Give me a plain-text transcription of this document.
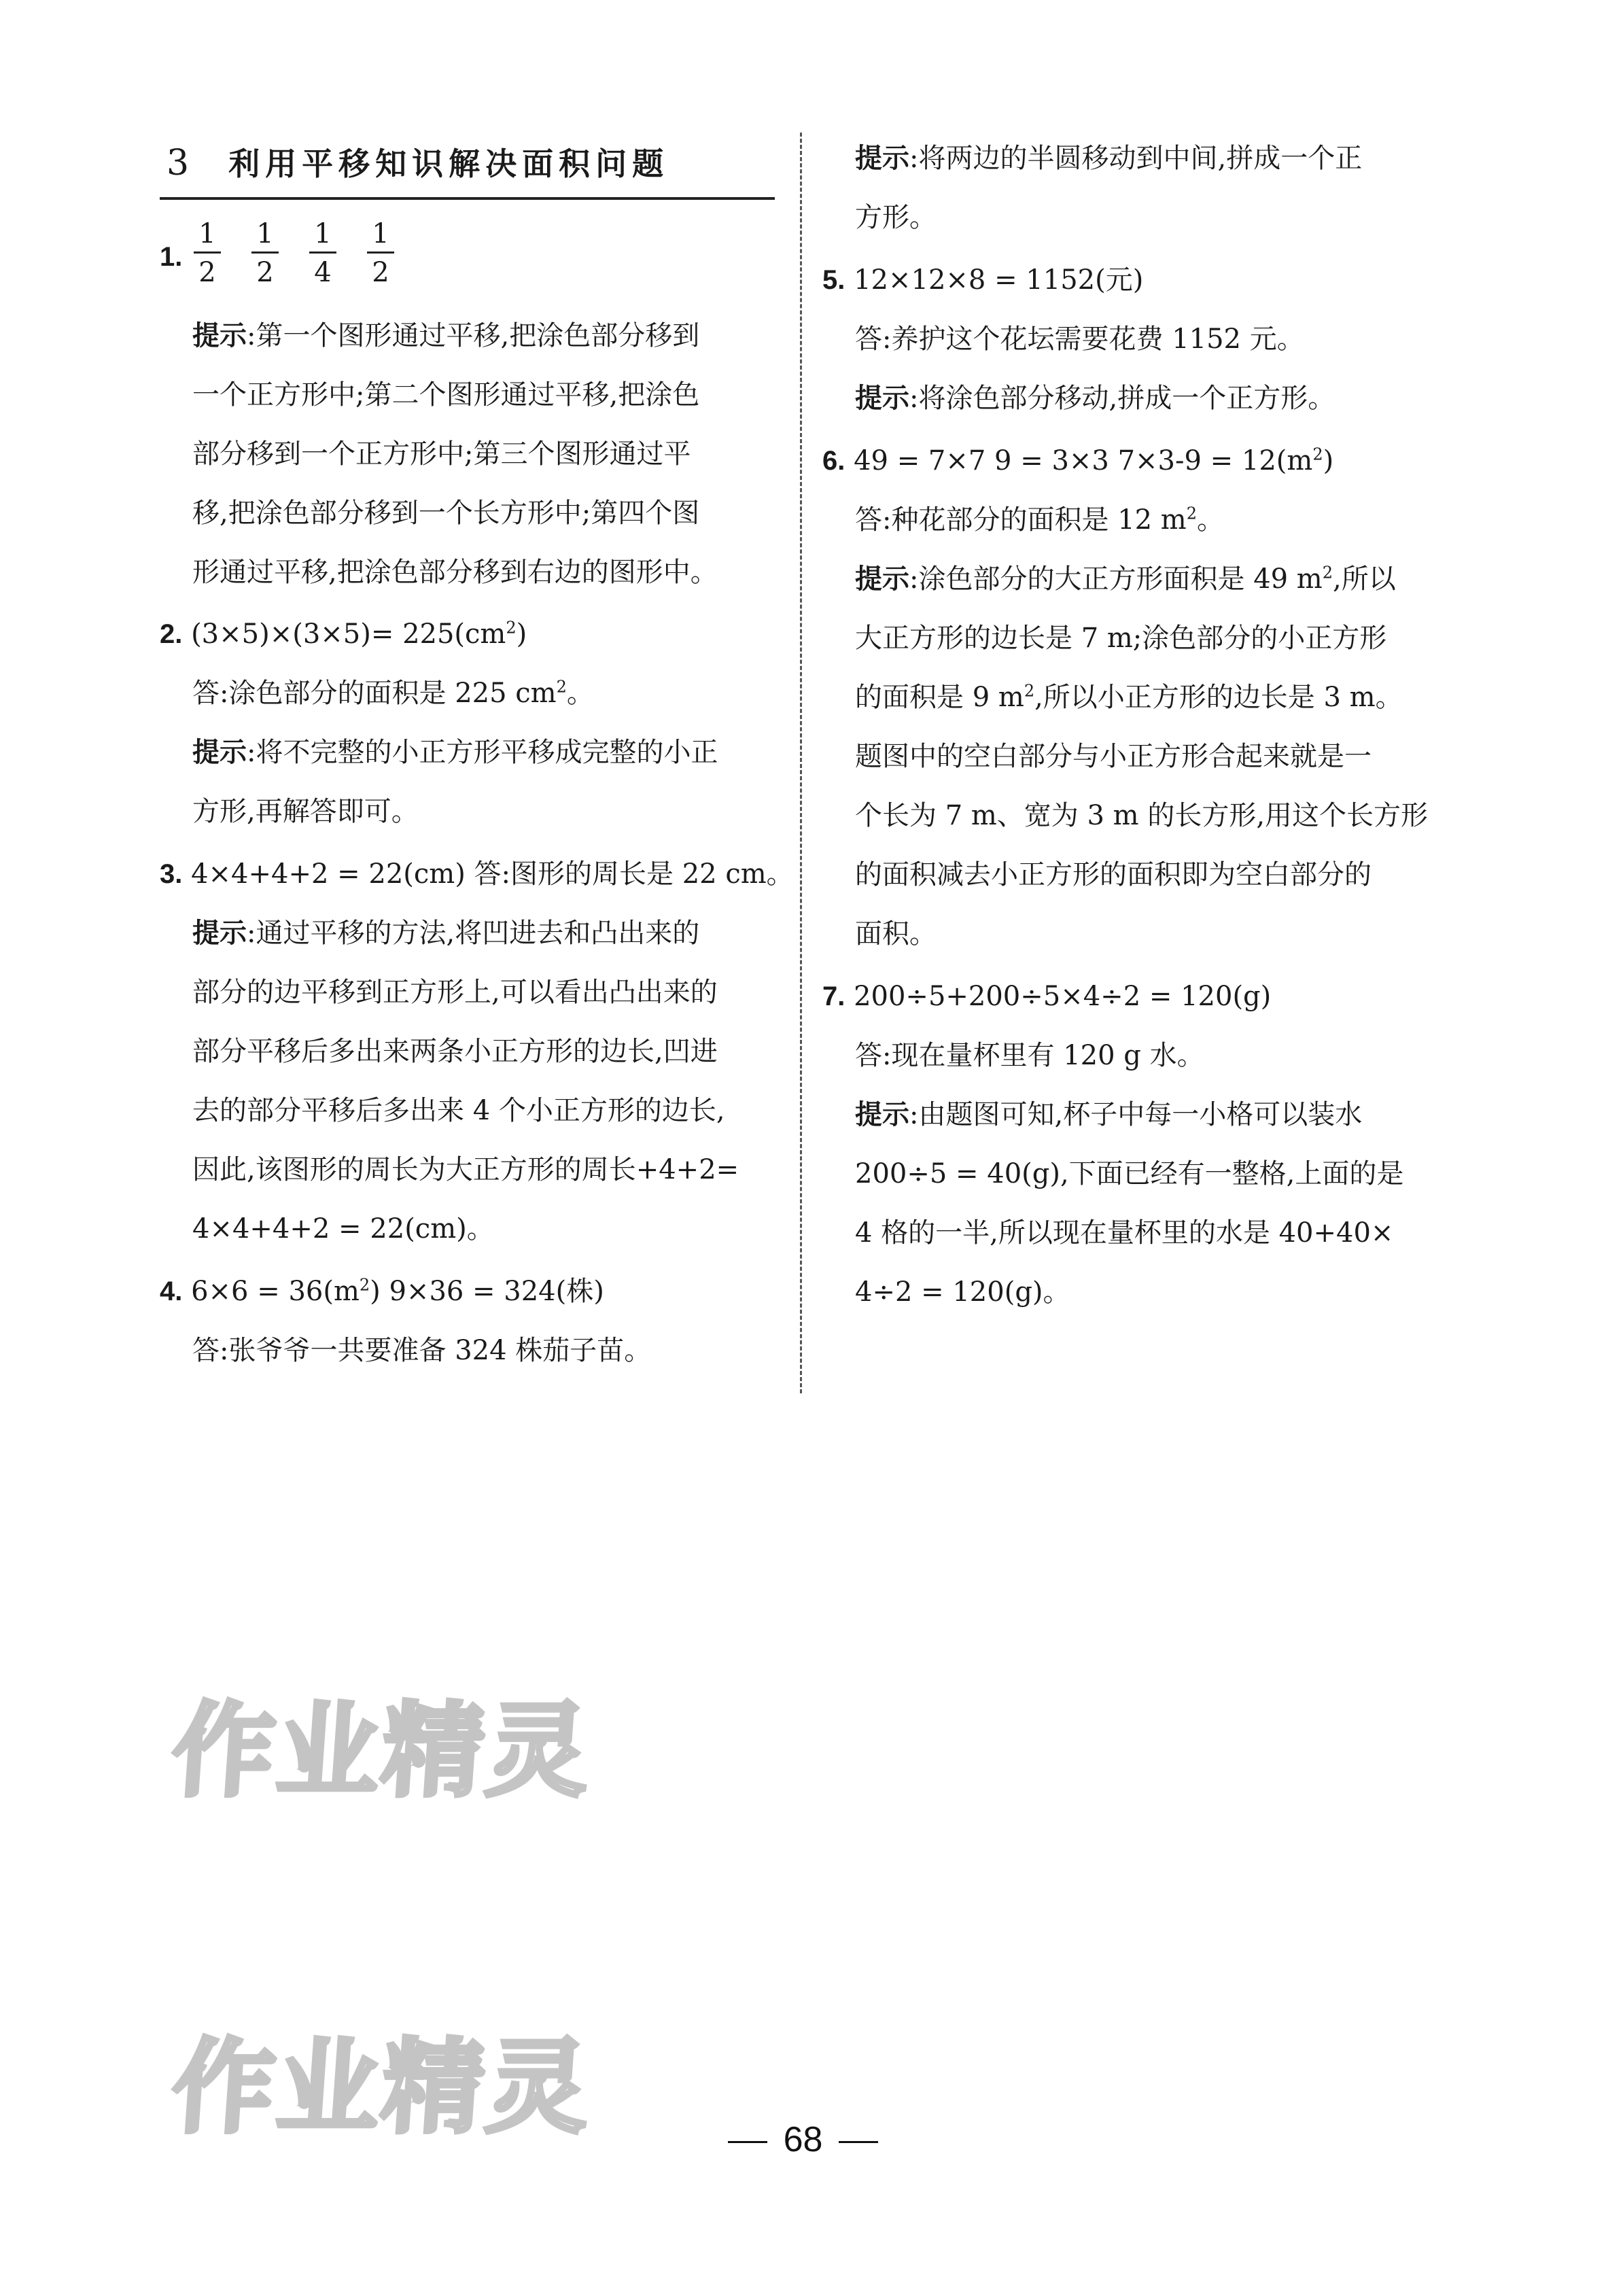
3 利用平移知识解决面积问题
1. $\frac{1}{2} \frac{1}{2} \frac{1}{4} \frac{1}{2}$
提示:第一个图形通过平移,把涂色部分移到
一个正方形中;第二个图形通过平移,把涂色
部分移到一个正方形中;第三个图形通过平
移,把涂色部分移到一个长方形中;第四个图
形通过平移,把涂色部分移到右边的图形中。
2. $(3\times 5)\times(3\times 5)= 225(cm^2)$
答:涂色部分的面积是 225 $cm^2$。
提示:将不完整的小正方形平移成完整的小正
方形,再解答即可。
3. 4×4+4+2 = 22(cm) 答:图形的周长是 22 cm。
提示:通过平移的方法,将凹进去和凸出来的
部分的边平移到正方形上,可以看出凸出来的
部分平移后多出来两条小正方形的边长,凹进
去的部分平移后多出来 4 个小正方形的边长,
因此,该图形的周长为大正方形的周长+4+2=
4×4+4+2 = 22(cm)。
4. $6\times 6 = 36(m^2) 9\times 36 = 324$(株)
答:张爷爷一共要准备 324 株茄子苗。
提示:将两边的半圆移动到中间,拼成一个正
方形。
5. 12×12×8 = 1152(元)
答:养护这个花坛需要花费 1152 元。
提示:将涂色部分移动,拼成一个正方形。
6. 49 = 7×7 9 = 3×3 $7\times 3-9 = 12(m^2)$
答:种花部分的面积是 12 $m^2$。
提示:涂色部分的大正方形面积是 49 $m^2$,所以
大正方形的边长是 7 m;涂色部分的小正方形
的面积是 9 $m^2$,所以小正方形的边长是 3 m。
题图中的空白部分与小正方形合起来就是一
个长为 7 m、宽为 3 m 的长方形,用这个长方形
的面积减去小正方形的面积即为空白部分的
面积。
7. 200÷5+200÷5×4÷2 = 120(g)
答:现在量杯里有 120 g 水。
提示:由题图可知,杯子中每一小格可以装水
200÷5 = 40(g),下面已经有一整格,上面的是
4 格的一半,所以现在量杯里的水是 40+40×
4÷2 = 120(g)。
作业精灵
作业精灵	68
